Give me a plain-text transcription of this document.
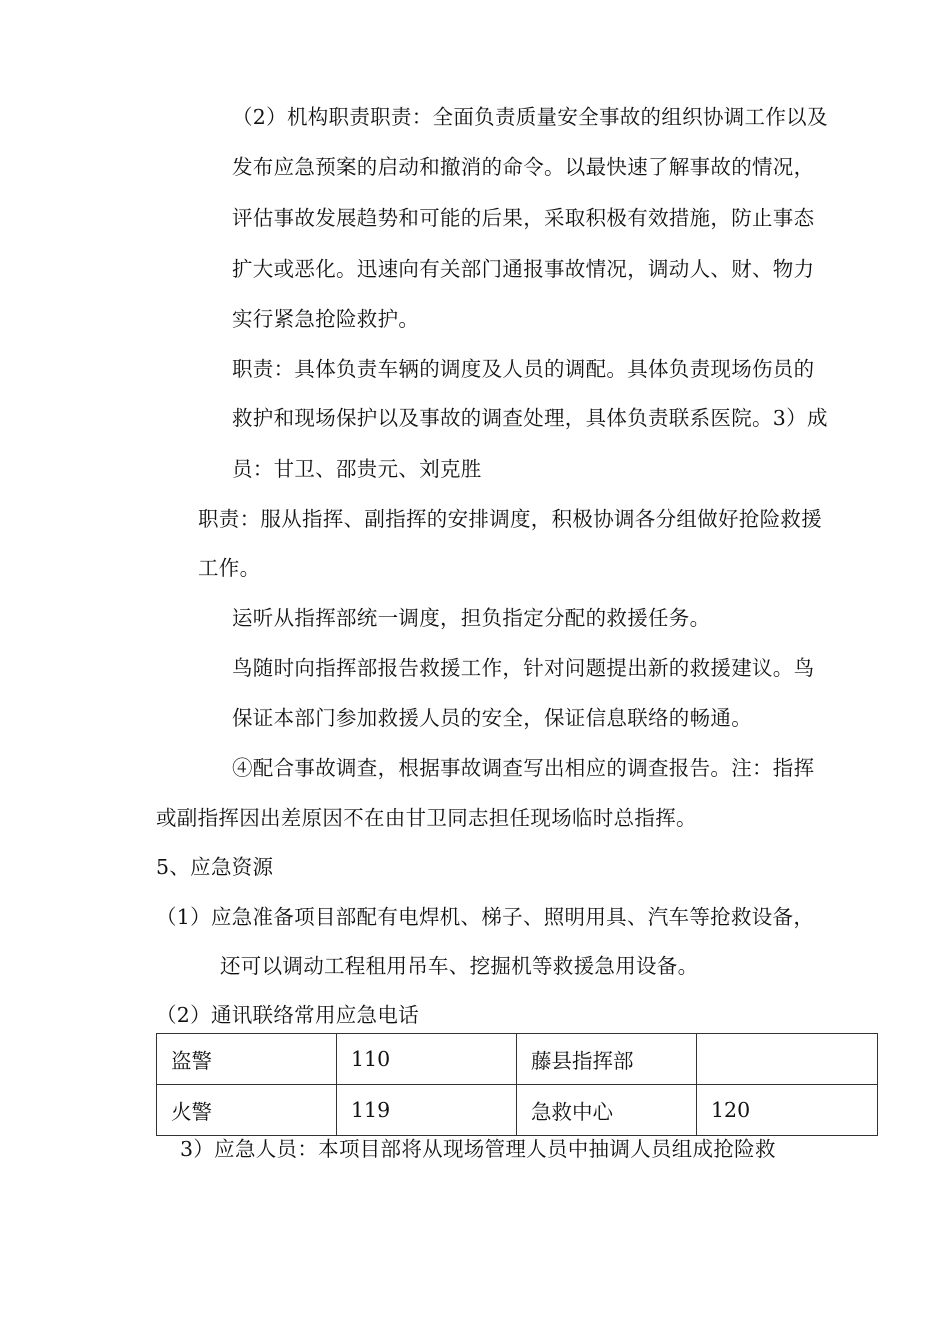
（2）机构职责职责：全面负责质量安全事故的组织协调工作以及
发布应急预案的启动和撤消的命令。以最快速了解事故的情况，
评估事故发展趋势和可能的后果，采取积极有效措施，防止事态
扩大或恶化。迅速向有关部门通报事故情况，调动人、财、物力
实行紧急抢险救护。
职责：具体负责车辆的调度及人员的调配。具体负责现场伤员的
救护和现场保护以及事故的调查处理，具体负责联系医院。3）成
员：甘卫、邵贵元、刘克胜
职责：服从指挥、副指挥的安排调度，积极协调各分组做好抢险救援
工作。
运听从指挥部统一调度，担负指定分配的救援任务。
鸟随时向指挥部报告救援工作，针对问题提出新的救援建议。鸟
保证本部门参加救援人员的安全，保证信息联络的畅通。
④配合事故调查，根据事故调查写出相应的调查报告。注：指挥
或副指挥因出差原因不在由甘卫同志担任现场临时总指挥。
5、应急资源
（1）应急准备项目部配有电焊机、梯子、照明用具、汽车等抢救设备，
还可以调动工程租用吊车、挖掘机等救援急用设备。
（2）通讯联络常用应急电话
盗警	110	藤县指挥部	
火警	119	急救中心	120
3）应急人员：本项目部将从现场管理人员中抽调人员组成抢险救
